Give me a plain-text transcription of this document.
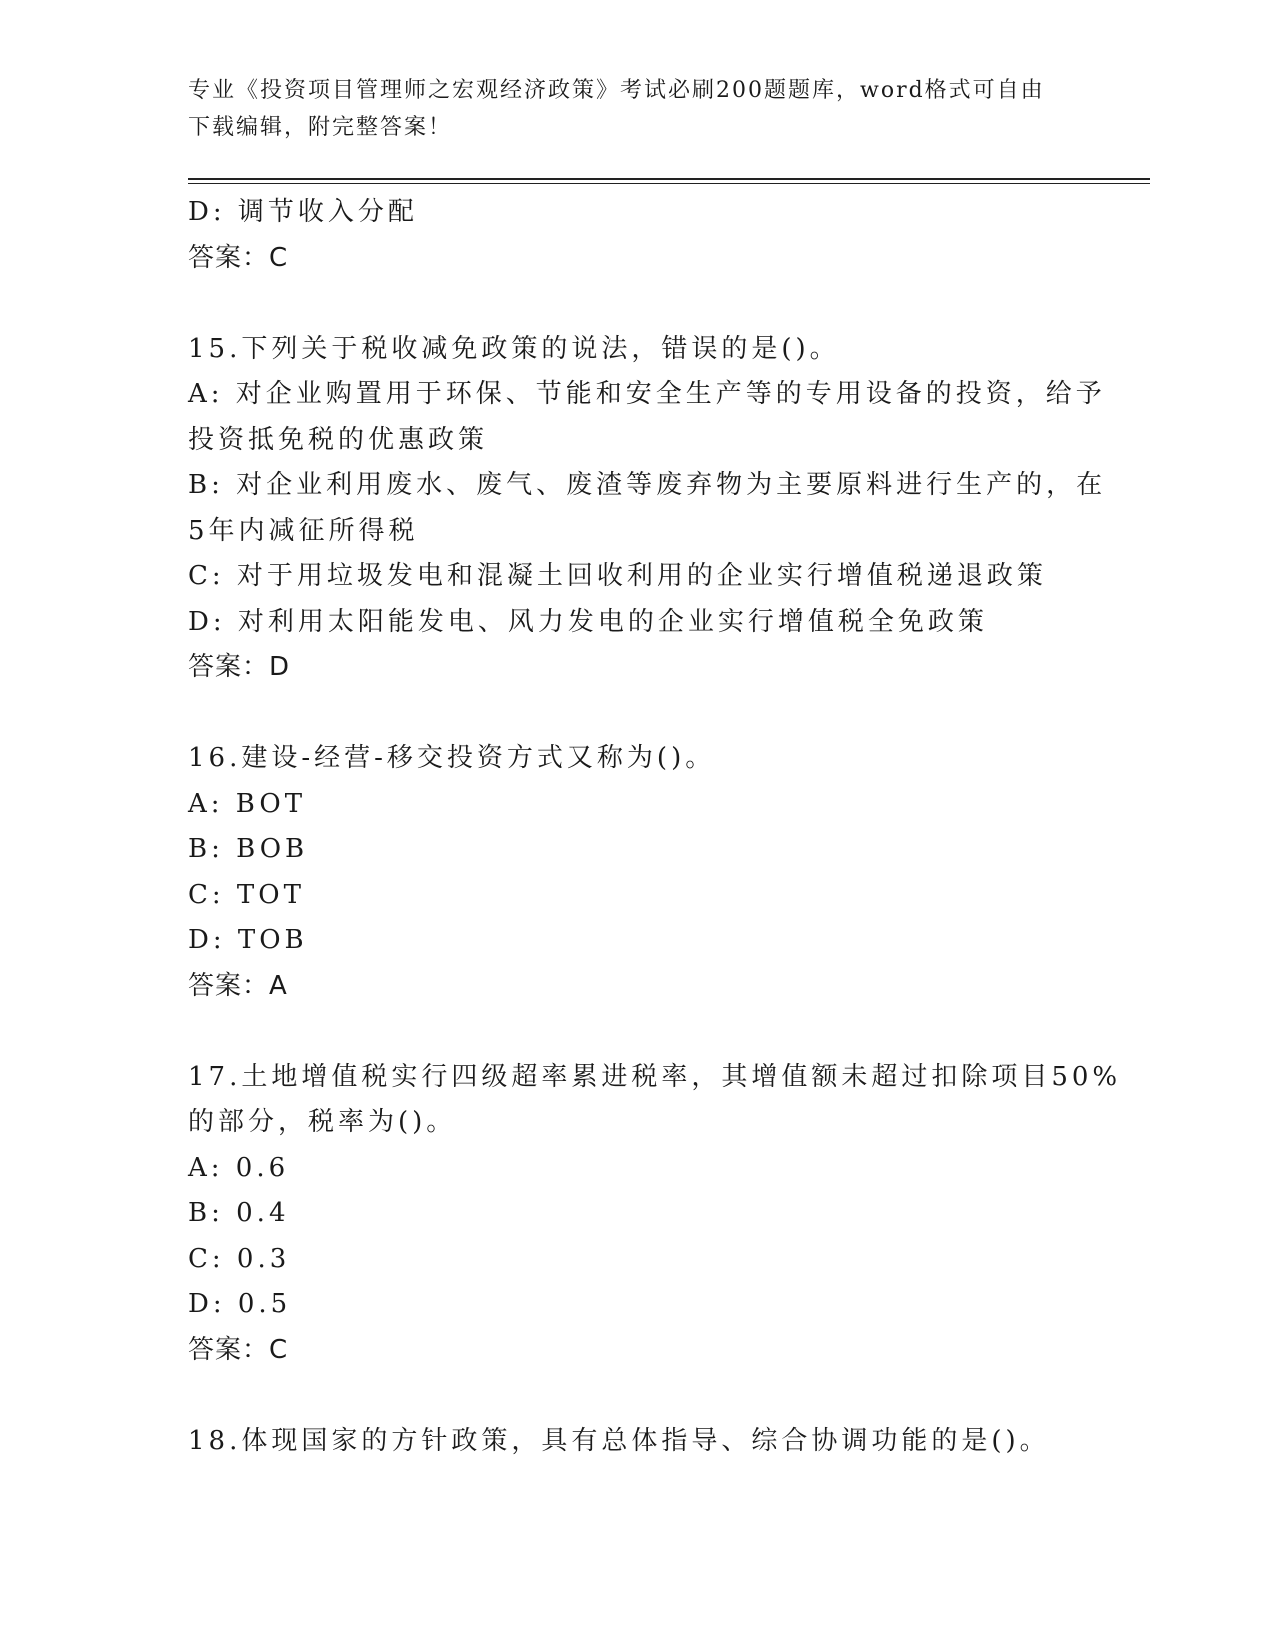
专业《投资项目管理师之宏观经济政策》考试必刷200题题库，word格式可自由
下载编辑，附完整答案！
D: 调节收入分配
答案：C
15.下列关于税收减免政策的说法，错误的是()。
A: 对企业购置用于环保、节能和安全生产等的专用设备的投资，给予
投资抵免税的优惠政策
B: 对企业利用废水、废气、废渣等废弃物为主要原料进行生产的，在
5年内减征所得税
C: 对于用垃圾发电和混凝土回收利用的企业实行增值税递退政策
D: 对利用太阳能发电、风力发电的企业实行增值税全免政策
答案：D
16.建设-经营-移交投资方式又称为()。
A: BOT
B: BOB
C: TOT
D: TOB
答案：A
17.土地增值税实行四级超率累进税率，其增值额未超过扣除项目50%
的部分，税率为()。
A: 0.6
B: 0.4
C: 0.3
D: 0.5
答案：C
18.体现国家的方针政策，具有总体指导、综合协调功能的是()。
